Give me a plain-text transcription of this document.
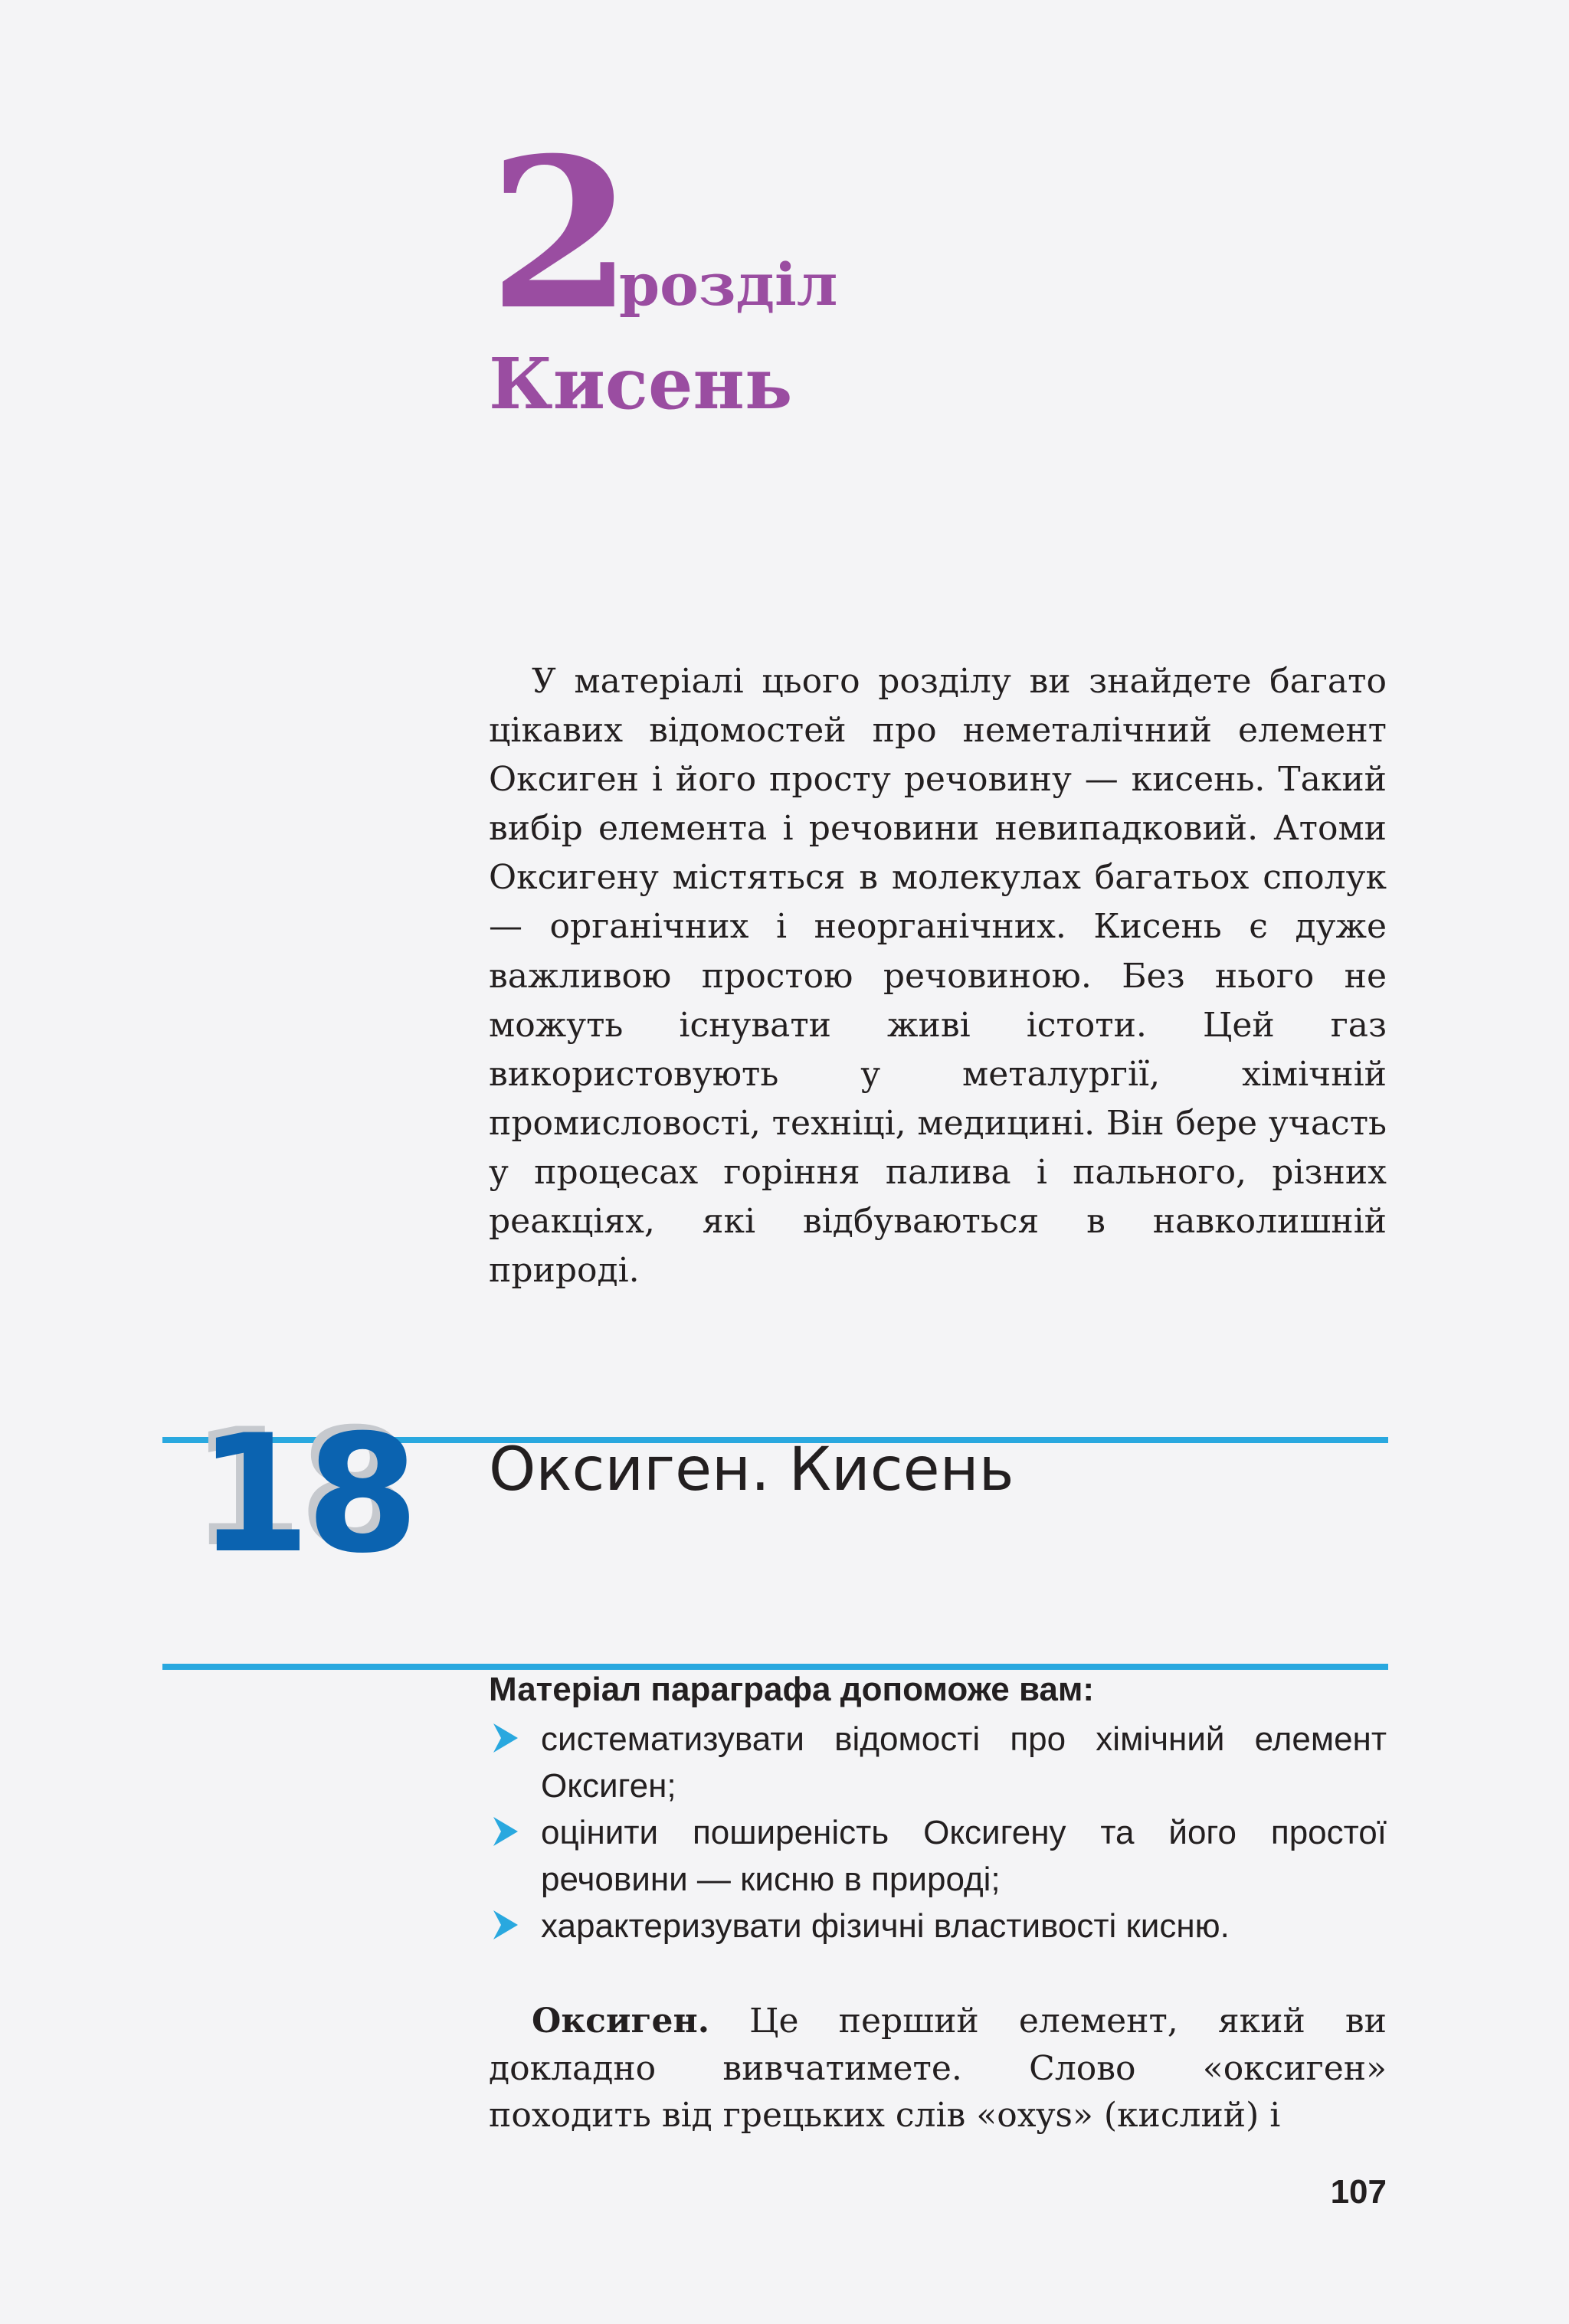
2
розділ
Кисень

У матеріалі цього розділу ви знайдете багато цікавих відомостей про неметалічний елемент Оксиген і його просту речовину — кисень. Такий вибір елемента і речовини невипадковий. Атоми Оксигену містяться в молекулах багатьох сполук — органічних і неорганічних. Кисень є дуже важливою простою речовиною. Без нього не можуть існувати живі істоти. Цей газ використовують у металургії, хімічній промисловості, техніці, медицині. Він бере участь у процесах горіння палива і пального, різних реакціях, які відбуваються в навколишній природі.

18 Оксиген. Кисень
Матеріал параграфа допоможе вам:
систематизувати відомості про хімічний елемент Оксиген;
оцінити поширеність Оксигену та його простої речовини — кисню в природі;
характеризувати фізичні властивості кисню.

Оксиген. Це перший елемент, який ви докладно вивчатимете. Слово «оксиген» походить від грецьких слів «oxys» (кислий) і

107
